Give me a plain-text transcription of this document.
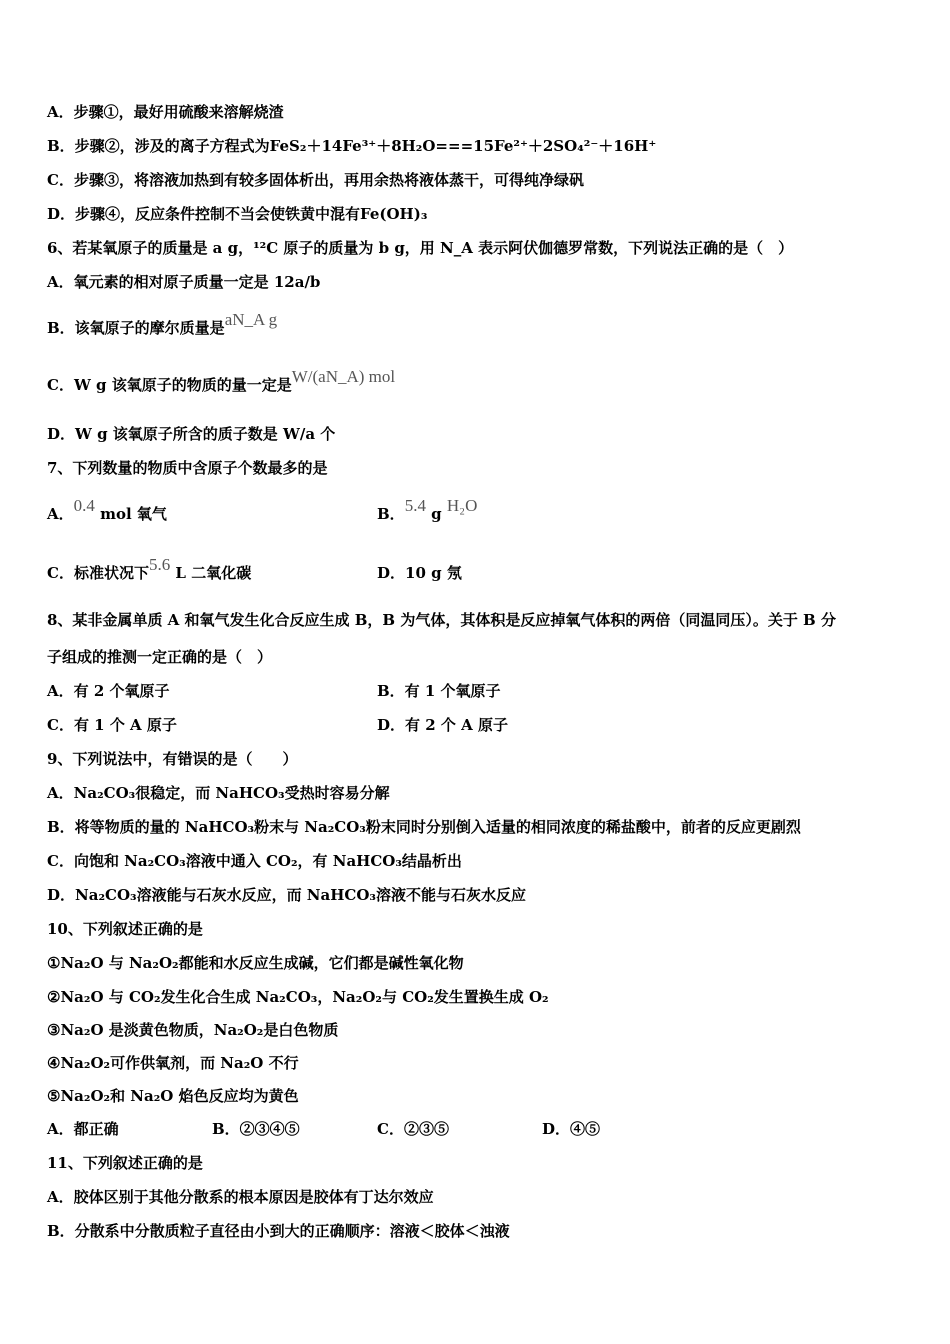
A．步骤①，最好用硫酸来溶解烧渣
B．步骤②，涉及的离子方程式为FeS₂＋14Fe³⁺＋8H₂O===15Fe²⁺＋2SO₄²⁻＋16H⁺
C．步骤③，将溶液加热到有较多固体析出，再用余热将液体蒸干，可得纯净绿矾
D．步骤④，反应条件控制不当会使铁黄中混有Fe(OH)₃
6、若某氧原子的质量是 a g，¹²C 原子的质量为 b g，用 N_A 表示阿伏伽德罗常数，下列说法正确的是（　）
A．氧元素的相对原子质量一定是 12a/b
B．该氧原子的摩尔质量是aN_A g
C．W g 该氧原子的物质的量一定是W/(aN_A) mol
D．W g 该氧原子所含的质子数是 W/a 个
7、下列数量的物质中含原子个数最多的是
A．0.4 mol 氧气	B．5.4 g H₂O
C．标准状况下5.6 L 二氧化碳	D．10 g 氖
8、某非金属单质 A 和氧气发生化合反应生成 B，B 为气体，其体积是反应掉氧气体积的两倍（同温同压）。关于 B 分
子组成的推测一定正确的是（　）
A．有 2 个氧原子	B．有 1 个氧原子
C．有 1 个 A 原子	D．有 2 个 A 原子
9、下列说法中，有错误的是（　　）
A．Na₂CO₃很稳定，而 NaHCO₃受热时容易分解
B．将等物质的量的 NaHCO₃粉末与 Na₂CO₃粉末同时分别倒入适量的相同浓度的稀盐酸中，前者的反应更剧烈
C．向饱和 Na₂CO₃溶液中通入 CO₂，有 NaHCO₃结晶析出
D．Na₂CO₃溶液能与石灰水反应，而 NaHCO₃溶液不能与石灰水反应
10、下列叙述正确的是
①Na₂O 与 Na₂O₂都能和水反应生成碱，它们都是碱性氧化物
②Na₂O 与 CO₂发生化合生成 Na₂CO₃，Na₂O₂与 CO₂发生置换生成 O₂
③Na₂O 是淡黄色物质，Na₂O₂是白色物质
④Na₂O₂可作供氧剂，而 Na₂O 不行
⑤Na₂O₂和 Na₂O 焰色反应均为黄色
A．都正确	B．②③④⑤	C．②③⑤	D．④⑤
11、下列叙述正确的是
A．胶体区别于其他分散系的根本原因是胶体有丁达尔效应
B．分散系中分散质粒子直径由小到大的正确顺序：溶液＜胶体＜浊液
